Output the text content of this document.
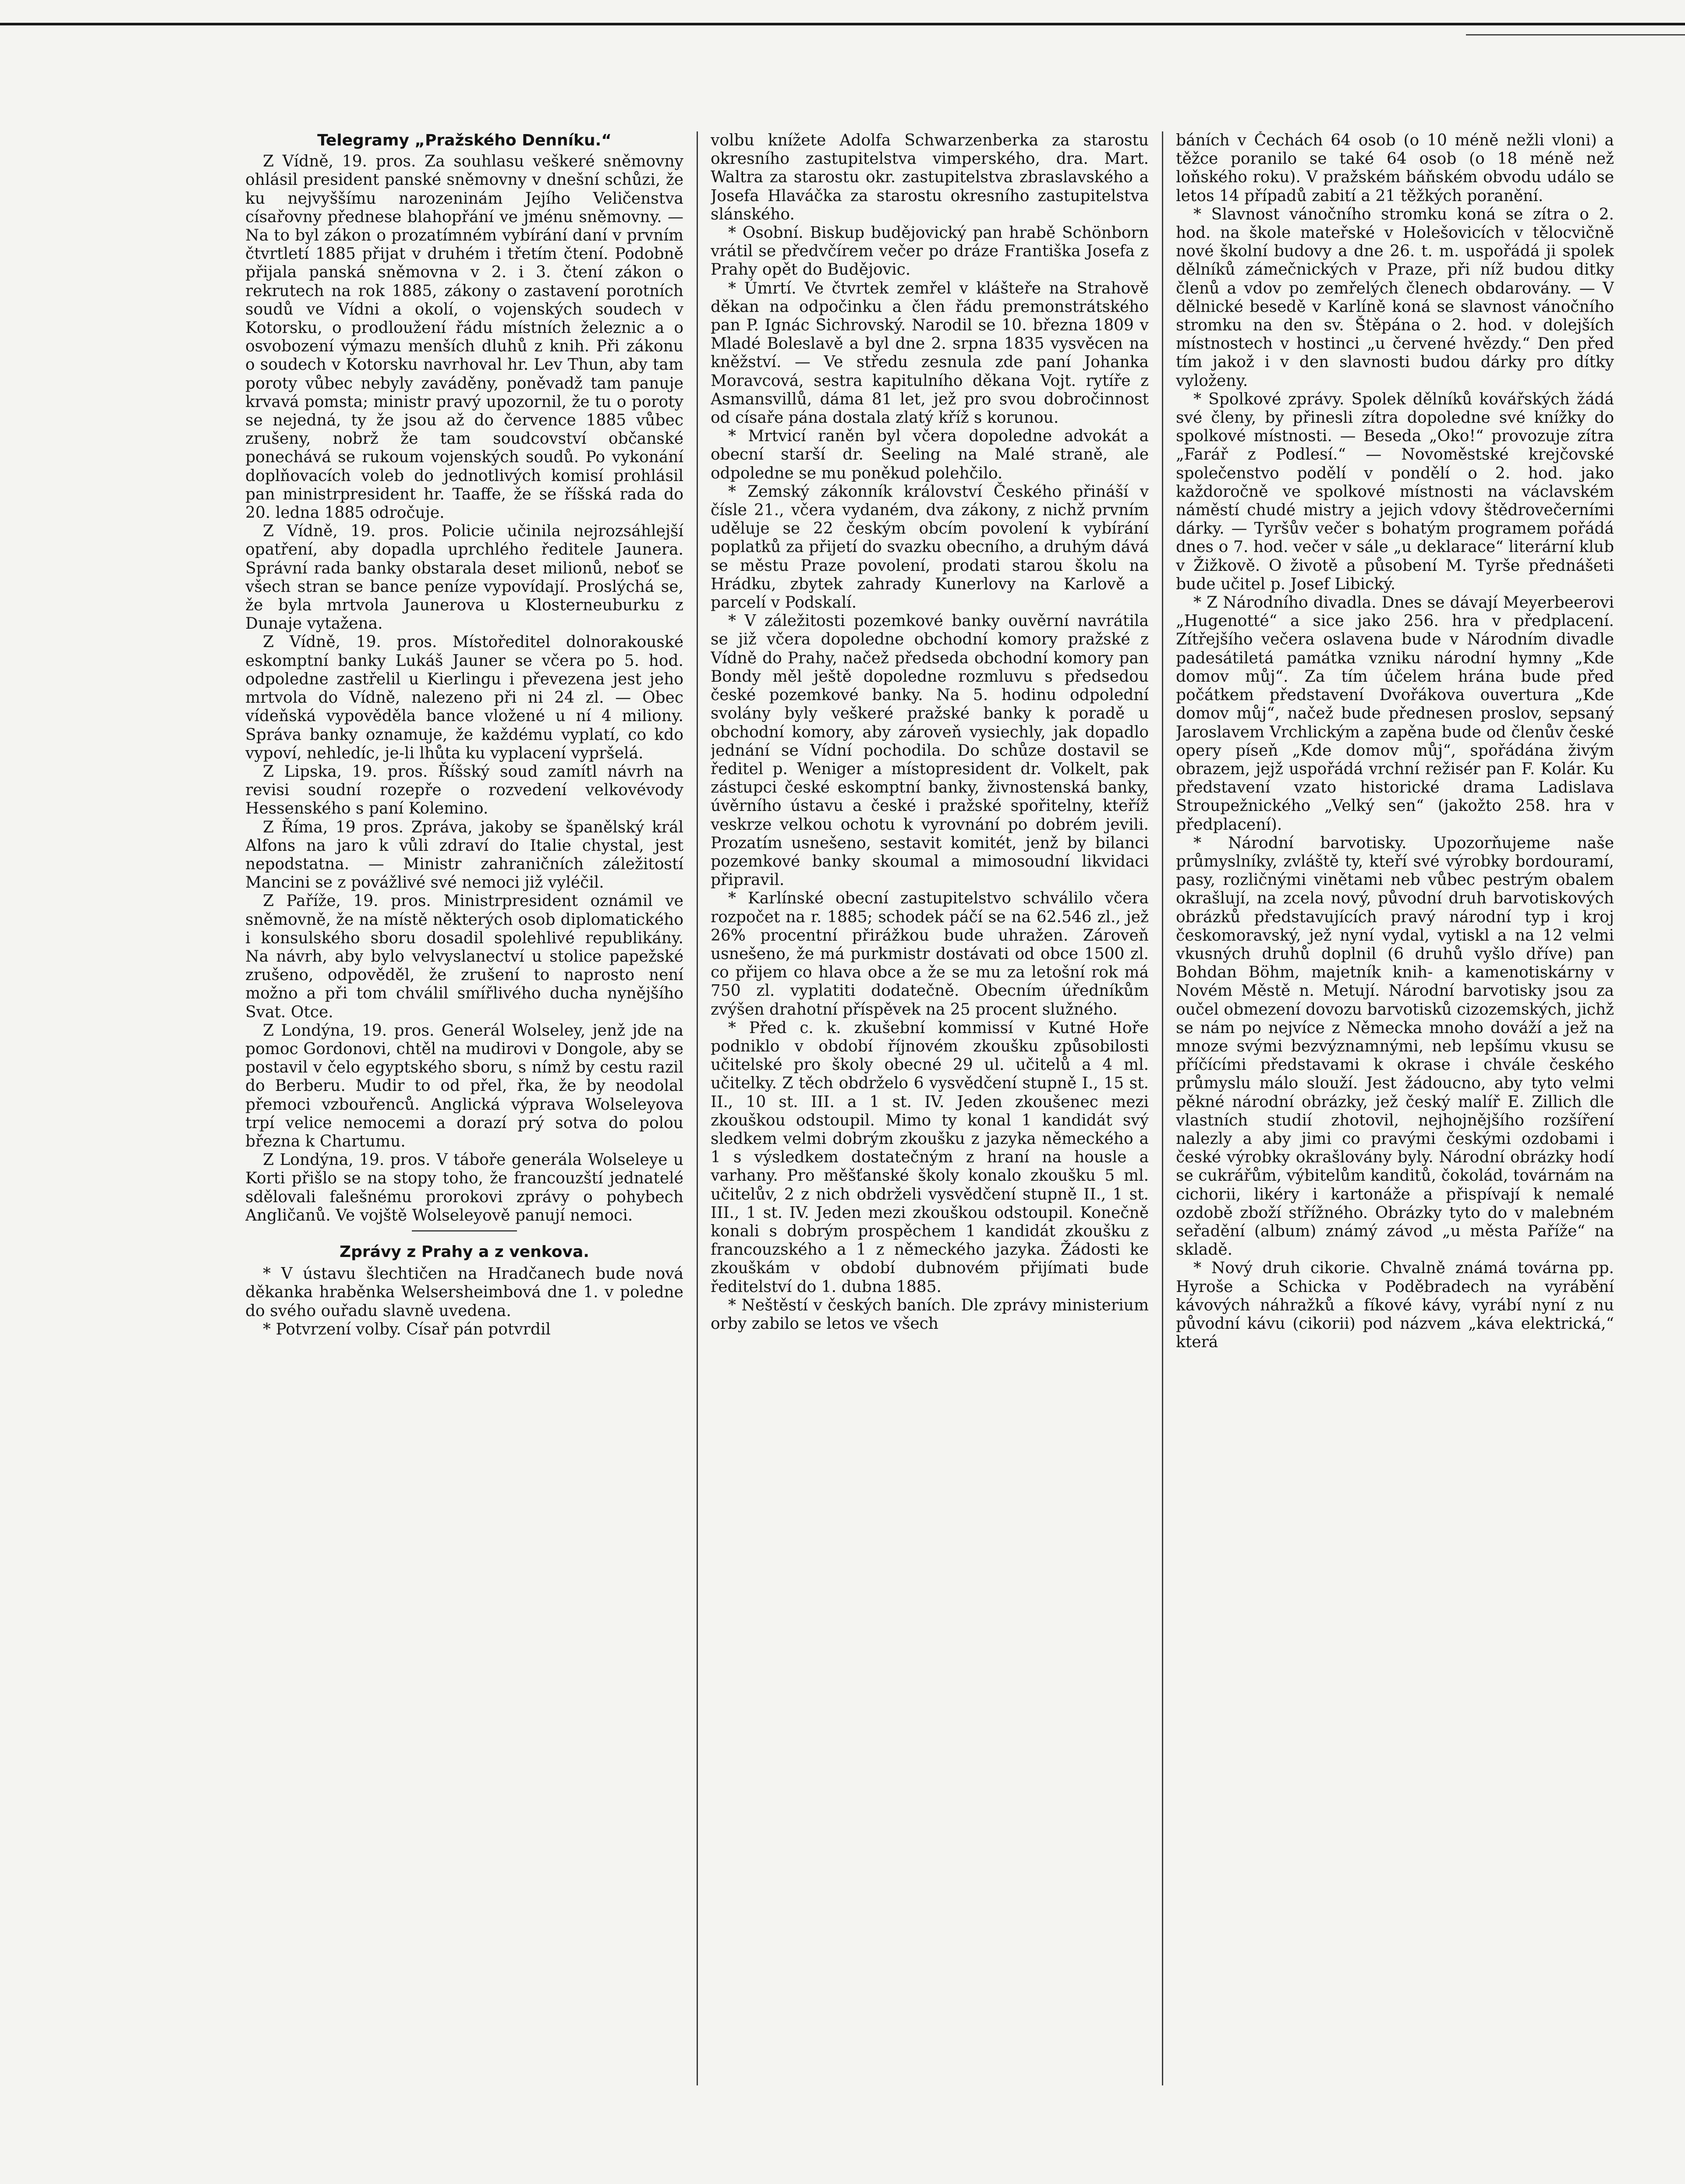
Telegramy „Pražského Denníku.“

Z Vídně, 19. pros. Za souhlasu veškeré sněmovny ohlásil president panské sněmovny v dnešní schůzi, že ku nejvyššímu narozeninám Jejího Veličenstva císařovny přednese blahopřání ve jménu sněmovny. — Na to byl zákon o prozatímném vybírání daní v prvním čtvrtletí 1885 přijat v druhém i třetím čtení. Podobně přijala panská sněmovna v 2. i 3. čtení zákon o rekrutech na rok 1885, zákony o zastavení porotních soudů ve Vídni a okolí, o vojenských soudech v Kotorsku, o prodloužení řádu místních železnic a o osvobození výmazu menších dluhů z knih. Při zákonu o soudech v Kotorsku navrhoval hr. Lev Thun, aby tam poroty vůbec nebyly zaváděny, poněvadž tam panuje krvavá pomsta; ministr pravý upozornil, že tu o poroty se nejedná, ty že jsou až do července 1885 vůbec zrušeny, nobrž že tam soudcovství občanské ponechává se rukoum vojenských soudů. Po vykonání doplňovacích voleb do jednotlivých komisí prohlásil pan ministrpresident hr. Taaffe, že se říšská rada do 20. ledna 1885 odročuje.

Z Vídně, 19. pros. Policie učinila nejrozsáhlejší opatření, aby dopadla uprchlého ředitele Jaunera. Správní rada banky obstarala deset milionů, neboť se všech stran se bance peníze vypovídají. Proslýchá se, že byla mrtvola Jaunerova u Klosterneuburku z Dunaje vytažena.

Z Vídně, 19. pros. Místoředitel dolnorakouské eskomptní banky Lukáš Jauner se včera po 5. hod. odpoledne zastřelil u Kierlingu i převezena jest jeho mrtvola do Vídně, nalezeno při ni 24 zl. — Obec vídeňská vypověděla bance vložené u ní 4 miliony. Správa banky oznamuje, že každému vyplatí, co kdo vypoví, nehledíc, je-li lhůta ku vyplacení vypršelá.

Z Lipska, 19. pros. Říšský soud zamítl návrh na revisi soudní rozepře o rozvedení velkovévody Hessenského s paní Kolemino.

Z Říma, 19 pros. Zpráva, jakoby se španělský král Alfons na jaro k vůli zdraví do Italie chystal, jest nepodstatna. — Ministr zahraničních záležitostí Mancini se z povážlivé své nemoci již vyléčil.

Z Paříže, 19. pros. Ministrpresident oznámil ve sněmovně, že na místě některých osob diplomatického i konsulského sboru dosadil spolehlivé republikány. Na návrh, aby bylo velvyslanectví u stolice papežské zrušeno, odpověděl, že zrušení to naprosto není možno a při tom chválil smířlivého ducha nynějšího Svat. Otce.

Z Londýna, 19. pros. Generál Wolseley, jenž jde na pomoc Gordonovi, chtěl na mudirovi v Dongole, aby se postavil v čelo egyptského sboru, s nímž by cestu razil do Berberu. Mudir to od přel, řka, že by neodolal přemoci vzbouřenců. Anglická výprava Wolseleyova trpí velice nemocemi a dorazí prý sotva do polou března k Chartumu.

Z Londýna, 19. pros. V táboře generála Wolseleye u Korti přišlo se na stopy toho, že francouzští jednatelé sdělovali falešnému prorokovi zprávy o pohybech Angličanů. Ve vojště Wolseleyově panují nemoci.

Zprávy z Prahy a z venkova.

* V ústavu šlechtičen na Hradčanech bude nová děkanka hraběnka Welsersheimbová dne 1. v poledne do svého ouřadu slavně uvedena.

* Potvrzení volby. Císař pán potvrdil

volbu knížete Adolfa Schwarzenberka za starostu okresního zastupitelstva vimperského, dra. Mart. Waltra za starostu okr. zastupitelstva zbraslavského a Josefa Hlaváčka za starostu okresního zastupitelstva slánského.

* Osobní. Biskup budějovický pan hrabě Schönborn vrátil se předvčírem večer po dráze Františka Josefa z Prahy opět do Budějovic.

* Úmrtí. Ve čtvrtek zemřel v klášteře na Strahově děkan na odpočinku a člen řádu premonstrátského pan P. Ignác Sichrovský. Narodil se 10. března 1809 v Mladé Boleslavě a byl dne 2. srpna 1835 vysvěcen na kněžství. — Ve středu zesnula zde paní Johanka Moravcová, sestra kapitulního děkana Vojt. rytíře z Asmansvillů, dáma 81 let, jež pro svou dobročinnost od císaře pána dostala zlatý kříž s korunou.

* Mrtvicí raněn byl včera dopoledne advokát a obecní starší dr. Seeling na Malé straně, ale odpoledne se mu poněkud polehčilo.

* Zemský zákonník království Českého přináší v čísle 21., včera vydaném, dva zákony, z nichž prvním uděluje se 22 českým obcím povolení k vybírání poplatků za přijetí do svazku obecního, a druhým dává se městu Praze povolení, prodati starou školu na Hrádku, zbytek zahrady Kunerlovy na Karlově a parcelí v Podskalí.

* V záležitosti pozemkové banky ouvěrní navrátila se již včera dopoledne obchodní komory pražské z Vídně do Prahy, načež předseda obchodní komory pan Bondy měl ještě dopoledne rozmluvu s předsedou české pozemkové banky. Na 5. hodinu odpolední svolány byly veškeré pražské banky k poradě u obchodní komory, aby zároveň vysiechly, jak dopadlo jednání se Vídní pochodila. Do schůze dostavil se ředitel p. Weniger a místopresident dr. Volkelt, pak zástupci české eskomptní banky, živnostenská banky, úvěrního ústavu a české i pražské spořitelny, kteříž veskrze velkou ochotu k vyrovnání po dobrém jevili. Prozatím usnešeno, sestavit komitét, jenž by bilanci pozemkové banky skoumal a mimosoudní likvidaci připravil.

* Karlínské obecní zastupitelstvo schválilo včera rozpočet na r. 1885; schodek páčí se na 62.546 zl., jež 26% procentní přirážkou bude uhražen. Zároveň usnešeno, že má purkmistr dostávati od obce 1500 zl. co přijem co hlava obce a že se mu za letošní rok má 750 zl. vyplatiti dodatečně. Obecním úředníkům zvýšen drahotní příspěvek na 25 procent služného.

* Před c. k. zkušební kommissí v Kutné Hoře podniklo v období říjnovém zkoušku způsobilosti učitelské pro školy obecné 29 ul. učitelů a 4 ml. učitelky. Z těch obdrželo 6 vysvědčení stupně I., 15 st. II., 10 st. III. a 1 st. IV. Jeden zkoušenec mezi zkouškou odstoupil. Mimo ty konal 1 kandidát svý sledkem velmi dobrým zkoušku z jazyka německého a 1 s výsledkem dostatečným z hraní na housle a varhany. Pro měšťanské školy konalo zkoušku 5 ml. učitelův, 2 z nich obdrželi vysvědčení stupně II., 1 st. III., 1 st. IV. Jeden mezi zkouškou odstoupil. Konečně konali s dobrým prospěchem 1 kandidát zkoušku z francouzského a 1 z německého jazyka. Žádosti ke zkouškám v období dubnovém přijímati bude ředitelství do 1. dubna 1885.

* Neštěstí v českých baních. Dle zprávy ministerium orby zabilo se letos ve všech

báních v Čechách 64 osob (o 10 méně nežli vloni) a těžce poranilo se také 64 osob (o 18 méně než loňského roku). V pražském báňském obvodu událo se letos 14 případů zabití a 21 těžkých poranění.

* Slavnost vánočního stromku koná se zítra o 2. hod. na škole mateřské v Holešovicích v tělocvičně nové školní budovy a dne 26. t. m. uspořádá ji spolek dělníků zámečnických v Praze, při níž budou ditky členů a vdov po zemřelých členech obdarovány. — V dělnické besedě v Karlíně koná se slavnost vánočního stromku na den sv. Štěpána o 2. hod. v dolejších místnostech v hostinci „u červené hvězdy.“ Den před tím jakož i v den slavnosti budou dárky pro dítky vyloženy.

* Spolkové zprávy. Spolek dělníků kovářských žádá své členy, by přinesli zítra dopoledne své knížky do spolkové místnosti. — Beseda „Oko!“ provozuje zítra „Farář z Podlesí.“ — Novoměstské krejčovské společenstvo podělí v pondělí o 2. hod. jako každoročně ve spolkové místnosti na václavském náměstí chudé mistry a jejich vdovy štědrovečerními dárky. — Tyršův večer s bohatým programem pořádá dnes o 7. hod. večer v sále „u deklarace“ literární klub v Žižkově. O životě a působení M. Tyrše přednášeti bude učitel p. Josef Libický.

* Z Národního divadla. Dnes se dávají Meyerbeerovi „Hugenotté“ a sice jako 256. hra v předplacení. Zítřejšího večera oslavena bude v Národním divadle padesátiletá památka vzniku národní hymny „Kde domov můj“. Za tím účelem hrána bude před počátkem představení Dvořákova ouvertura „Kde domov můj“, načež bude přednesen proslov, sepsaný Jaroslavem Vrchlickým a zapěna bude od členův české opery píseň „Kde domov můj“, spořádána živým obrazem, jejž uspořádá vrchní režisér pan F. Kolár. Ku představení vzato historické drama Ladislava Stroupežnického „Velký sen“ (jakožto 258. hra v předplacení).

* Národní barvotisky. Upozorňujeme naše průmyslníky, zvláště ty, kteří své výrobky bordouramí, pasy, rozličnými vinětami neb vůbec pestrým obalem okrašlují, na zcela nový, původní druh barvotiskových obrázků představujících pravý národní typ i kroj českomoravský, jež nyní vydal, vytiskl a na 12 velmi vkusných druhů doplnil (6 druhů vyšlo dříve) pan Bohdan Böhm, majetník knih- a kamenotiskárny v Novém Městě n. Metují. Národní barvotisky jsou za oučel obmezení dovozu barvotisků cizozemských, jichž se nám po nejvíce z Německa mnoho dováží a jež na mnoze svými bezvýznamnými, neb lepšímu vkusu se příčícími představami k okrase i chvále českého průmyslu málo slouží. Jest žádoucno, aby tyto velmi pěkné národní obrázky, jež český malíř E. Zillich dle vlastních studií zhotovil, nejhojnějšího rozšíření nalezly a aby jimi co pravými českými ozdobami i české výrobky okrašlovány byly. Národní obrázky hodí se cukrářům, výbitelům kanditů, čokolád, továrnám na cichorii, likéry i kartonáže a přispívají k nemalé ozdobě zboží střížného. Obrázky tyto do v malebném seřadění (album) známý závod „u města Paříže“ na skladě.

* Nový druh cikorie. Chvalně známá továrna pp. Hyroše a Schicka v Poděbradech na vyrábění kávových náhražků a fíkové kávy, vyrábí nyní z nu původní kávu (cikorii) pod názvem „káva elektrická,“ která
